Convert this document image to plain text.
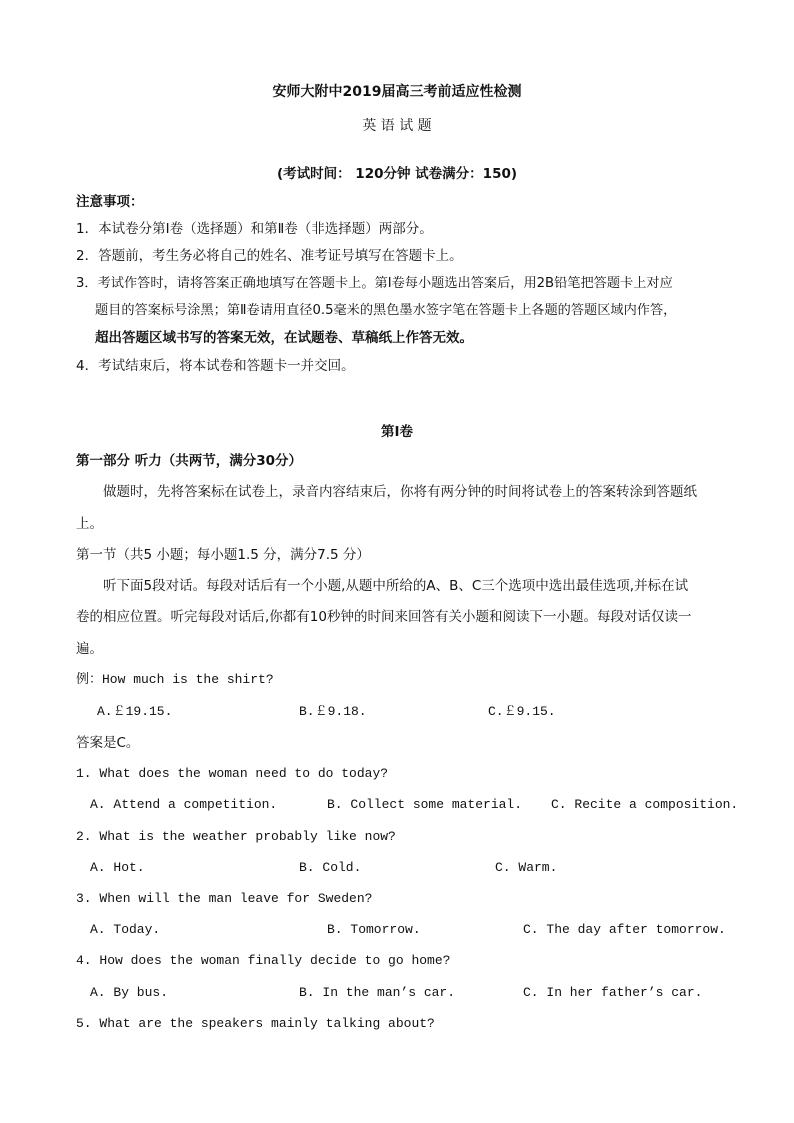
安师大附中2019届高三考前适应性检测
英 语 试 题
(考试时间： 120分钟 试卷满分：150)
注意事项：
1．本试卷分第Ⅰ卷（选择题）和第Ⅱ卷（非选择题）两部分。
2．答题前，考生务必将自己的姓名、准考证号填写在答题卡上。
3．考试作答时，请将答案正确地填写在答题卡上。第Ⅰ卷每小题选出答案后，用2B铅笔把答题卡上对应
题目的答案标号涂黑；第Ⅱ卷请用直径0.5毫米的黑色墨水签字笔在答题卡上各题的答题区域内作答，
超出答题区域书写的答案无效，在试题卷、草稿纸上作答无效。
4．考试结束后，将本试卷和答题卡一并交回。
第Ⅰ卷
第一部分 听力（共两节，满分30分）
做题时，先将答案标在试卷上，录音内容结束后，你将有两分钟的时间将试卷上的答案转涂到答题纸
上。
第一节（共5 小题；每小题1.5 分，满分7.5 分）
听下面5段对话。每段对话后有一个小题,从题中所给的A、B、C三个选项中选出最佳选项,并标在试
卷的相应位置。听完每段对话后,你都有10秒钟的时间来回答有关小题和阅读下一小题。每段对话仅读一
遍。
例：How much is the shirt?
A.￡19.15.	B.￡9.18.	C.￡9.15.
答案是C。
1. What does the woman need to do today?
A. Attend a competition.	B. Collect some material. C. Recite a composition.
2. What is the weather probably like now?
A. Hot.	B. Cold.	C. Warm.
3. When will the man leave for Sweden?
A. Today.	B. Tomorrow.	C. The day after tomorrow.
4. How does the woman finally decide to go home?
A. By bus.	B. In the man’s car.	C. In her father’s car.
5. What are the speakers mainly talking about?
